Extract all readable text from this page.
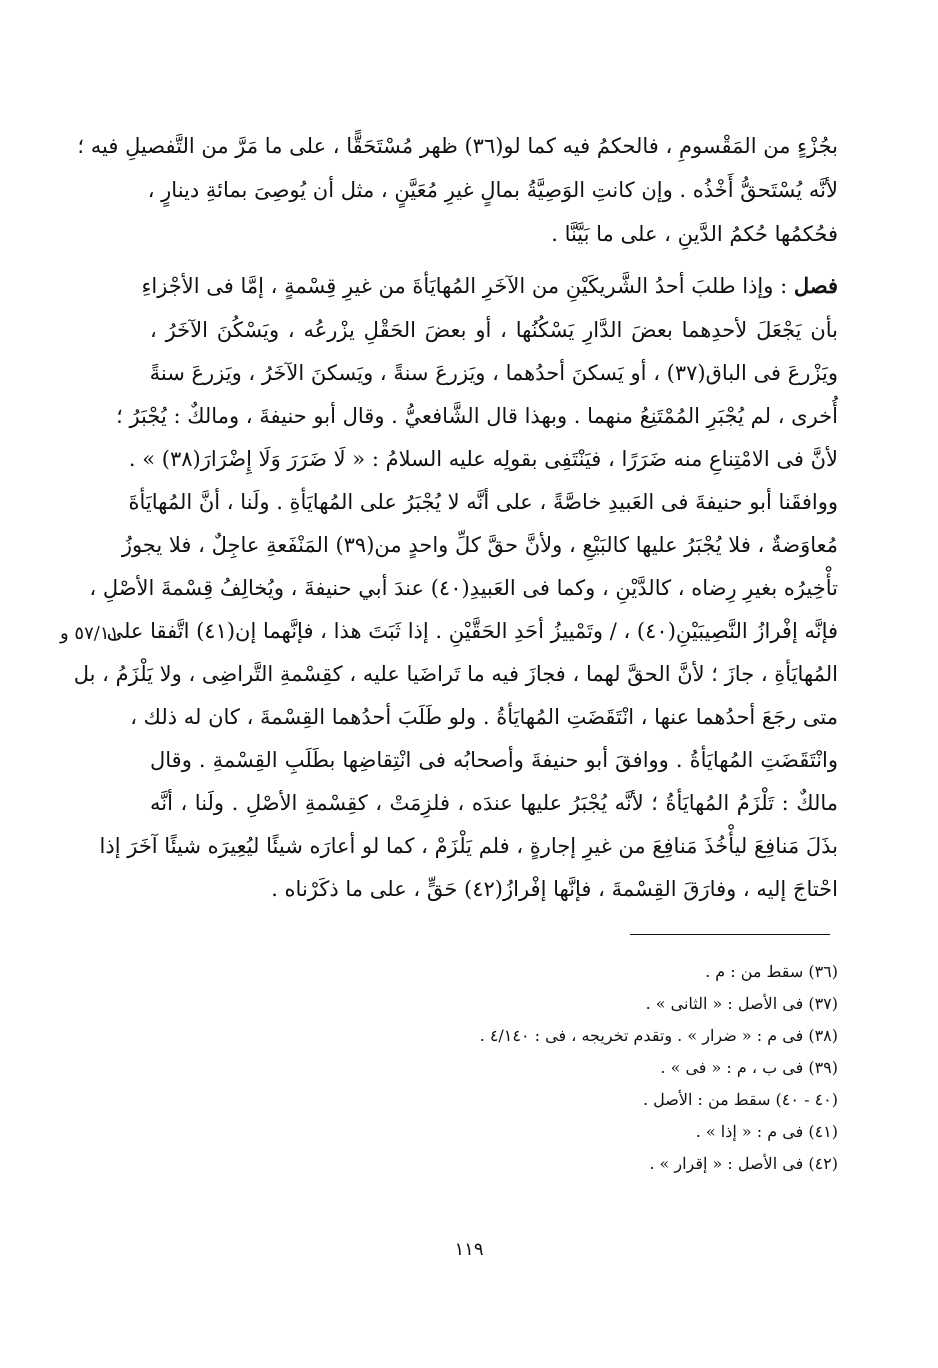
بجُزْءٍ من المَقْسومِ ، فالحكمُ فيه كما لو(٣٦) ظهر مُسْتَحَقًّا ، على ما مَرَّ من التَّفصيلِ فيه ؛
لأنَّه يُسْتَحقُّ أَخْذُه . وإن كانتِ الوَصِيَّةُ بمالٍ غيرِ مُعَيَّنٍ ، مثل أن يُوصِىَ بمائةِ دينارٍ ،
فحُكمُها حُكمُ الدَّينِ ، على ما بَيَّنَّا .
فصل : وإذا طلبَ أحدُ الشَّريكَيْنِ من الآخَرِ المُهايَأةَ من غيرِ قِسْمةٍ ، إمَّا فى الأجْزاءِ
بأن يَجْعَلَ لأحدِهما بعضَ الدَّارِ يَسْكُنُها ، أو بعضَ الحَقْلِ يزْرعُه ، ويَسْكُنَ الآخَرُ ،
ويَزْرعَ فى الباق(٣٧) ، أو يَسكنَ أحدُهما ، ويَزرعَ سنةً ، ويَسكنَ الآخَرُ ، ويَزرعَ سنةً
أُخرى ، لم يُجْبَرِ المُمْتَنِعُ منهما . وبهذا قال الشَّافعيُّ . وقال أبو حنيفةَ ، ومالكٌ : يُجْبَرُ ؛
لأنَّ فى الامْتِناعِ منه ضَرَرًا ، فيَنْتَفِى بقولِه عليه السلامُ : « لَا ضَرَرَ وَلَا إِضْرَارَ(٣٨) » .
ووافقَنا أبو حنيفةَ فى العَبيدِ خاصَّةً ، على أنَّه لا يُجْبَرُ على المُهايَأةِ . ولَنا ، أنَّ المُهايَأةَ
مُعاوَضةٌ ، فلا يُجْبَرُ عليها كالبَيْعِ ، ولأنَّ حقَّ كلِّ واحدٍ من(٣٩) المَنْفَعةِ عاجِلٌ ، فلا يجوزُ
تأْخِيرُه بغيرِ رِضاه ، كالدَّيْنِ ، وكما فى العَبيدِ(٤٠) عندَ أبي حنيفةَ ، ويُخالِفُ قِسْمةَ الأصْلِ ،
فإنَّه إفْرازُ النَّصِيبَيْنِ(٤٠) ، / وتَمْييزُ أحَدِ الحَقَّيْنِ . إذا ثَبَتَ هذا ، فإنَّهما إن(٤١) اتَّفقا على
المُهايَأةِ ، جازَ ؛ لأنَّ الحقَّ لهما ، فجازَ فيه ما تَراضَيا عليه ، كقِسْمةِ التَّراضِى ، ولا يَلْزَمُ ، بل
متى رجَعَ أحدُهما عنها ، انْتَقَضَتِ المُهايَأةُ . ولو طَلَبَ أحدُهما القِسْمةَ ، كان له ذلك ،
وانْتَقَضَتِ المُهايَأةُ . ووافقَ أبو حنيفةَ وأصحابُه فى انْتِقاضِها بطَلَبِ القِسْمةِ . وقال
مالكٌ : تَلْزَمُ المُهايَأةُ ؛ لأنَّه يُجْبَرُ عليها عندَه ، فلزِمَتْ ، كقِسْمةِ الأصْلِ . ولَنا ، أنَّه
بذَلَ مَنافِعَ ليأْخُذَ مَنافِعَ من غيرِ إجارةٍ ، فلم يَلْزَمْ ، كما لو أعارَه شيئًا ليُعِيرَه شيئًا آخَرَ إذا
احْتاجَ إليه ، وفارَقَ القِسْمةَ ، فإنَّها إفْرازُ(٤٢) حَقٍّ ، على ما ذكَرْناه .
٥٧/١١ و
(٣٦) سقط من : م .
(٣٧) فى الأصل : « الثانى » .
(٣٨) فى م : « ضرار » . وتقدم تخريجه ، فى : ٤/١٤٠ .
(٣٩) فى ب ، م : « فى » .
(٤٠ - ٤٠) سقط من : الأصل .
(٤١) فى م : « إذا » .
(٤٢) فى الأصل : « إقرار » .
١١٩
